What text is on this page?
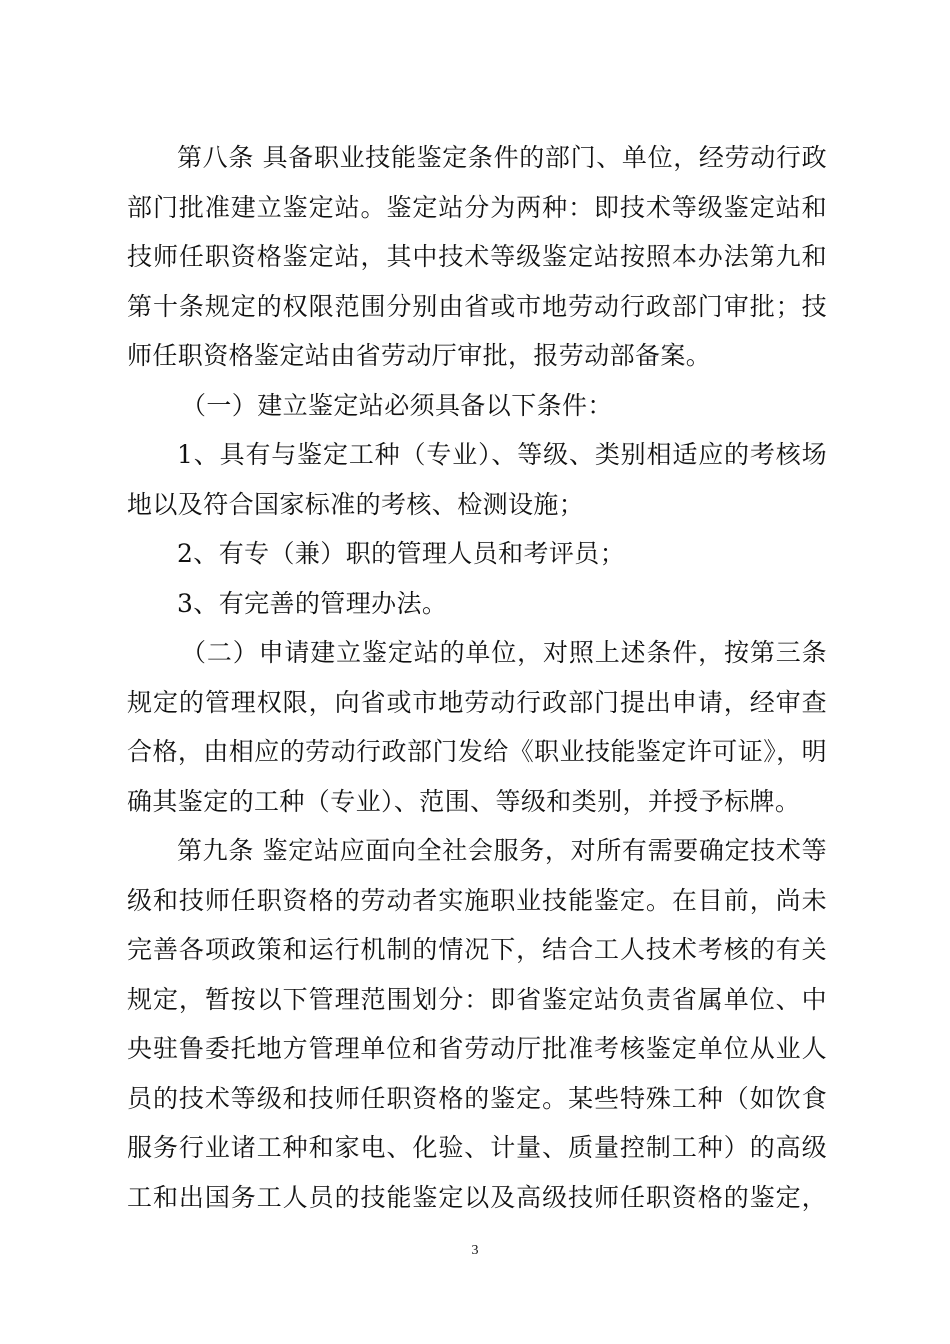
第八条 具备职业技能鉴定条件的部门、单位，经劳动行政
部门批准建立鉴定站。鉴定站分为两种：即技术等级鉴定站和
技师任职资格鉴定站，其中技术等级鉴定站按照本办法第九和
第十条规定的权限范围分别由省或市地劳动行政部门审批；技
师任职资格鉴定站由省劳动厅审批，报劳动部备案。
（一）建立鉴定站必须具备以下条件：
1、具有与鉴定工种（专业）、等级、类别相适应的考核场
地以及符合国家标准的考核、检测设施；
2、有专（兼）职的管理人员和考评员；
3、有完善的管理办法。
（二）申请建立鉴定站的单位，对照上述条件，按第三条
规定的管理权限，向省或市地劳动行政部门提出申请，经审查
合格，由相应的劳动行政部门发给《职业技能鉴定许可证》，明
确其鉴定的工种（专业）、范围、等级和类别，并授予标牌。
第九条 鉴定站应面向全社会服务，对所有需要确定技术等
级和技师任职资格的劳动者实施职业技能鉴定。在目前，尚未
完善各项政策和运行机制的情况下，结合工人技术考核的有关
规定，暂按以下管理范围划分：即省鉴定站负责省属单位、中
央驻鲁委托地方管理单位和省劳动厅批准考核鉴定单位从业人
员的技术等级和技师任职资格的鉴定。某些特殊工种（如饮食
服务行业诸工种和家电、化验、计量、质量控制工种）的高级
工和出国务工人员的技能鉴定以及高级技师任职资格的鉴定，
3
